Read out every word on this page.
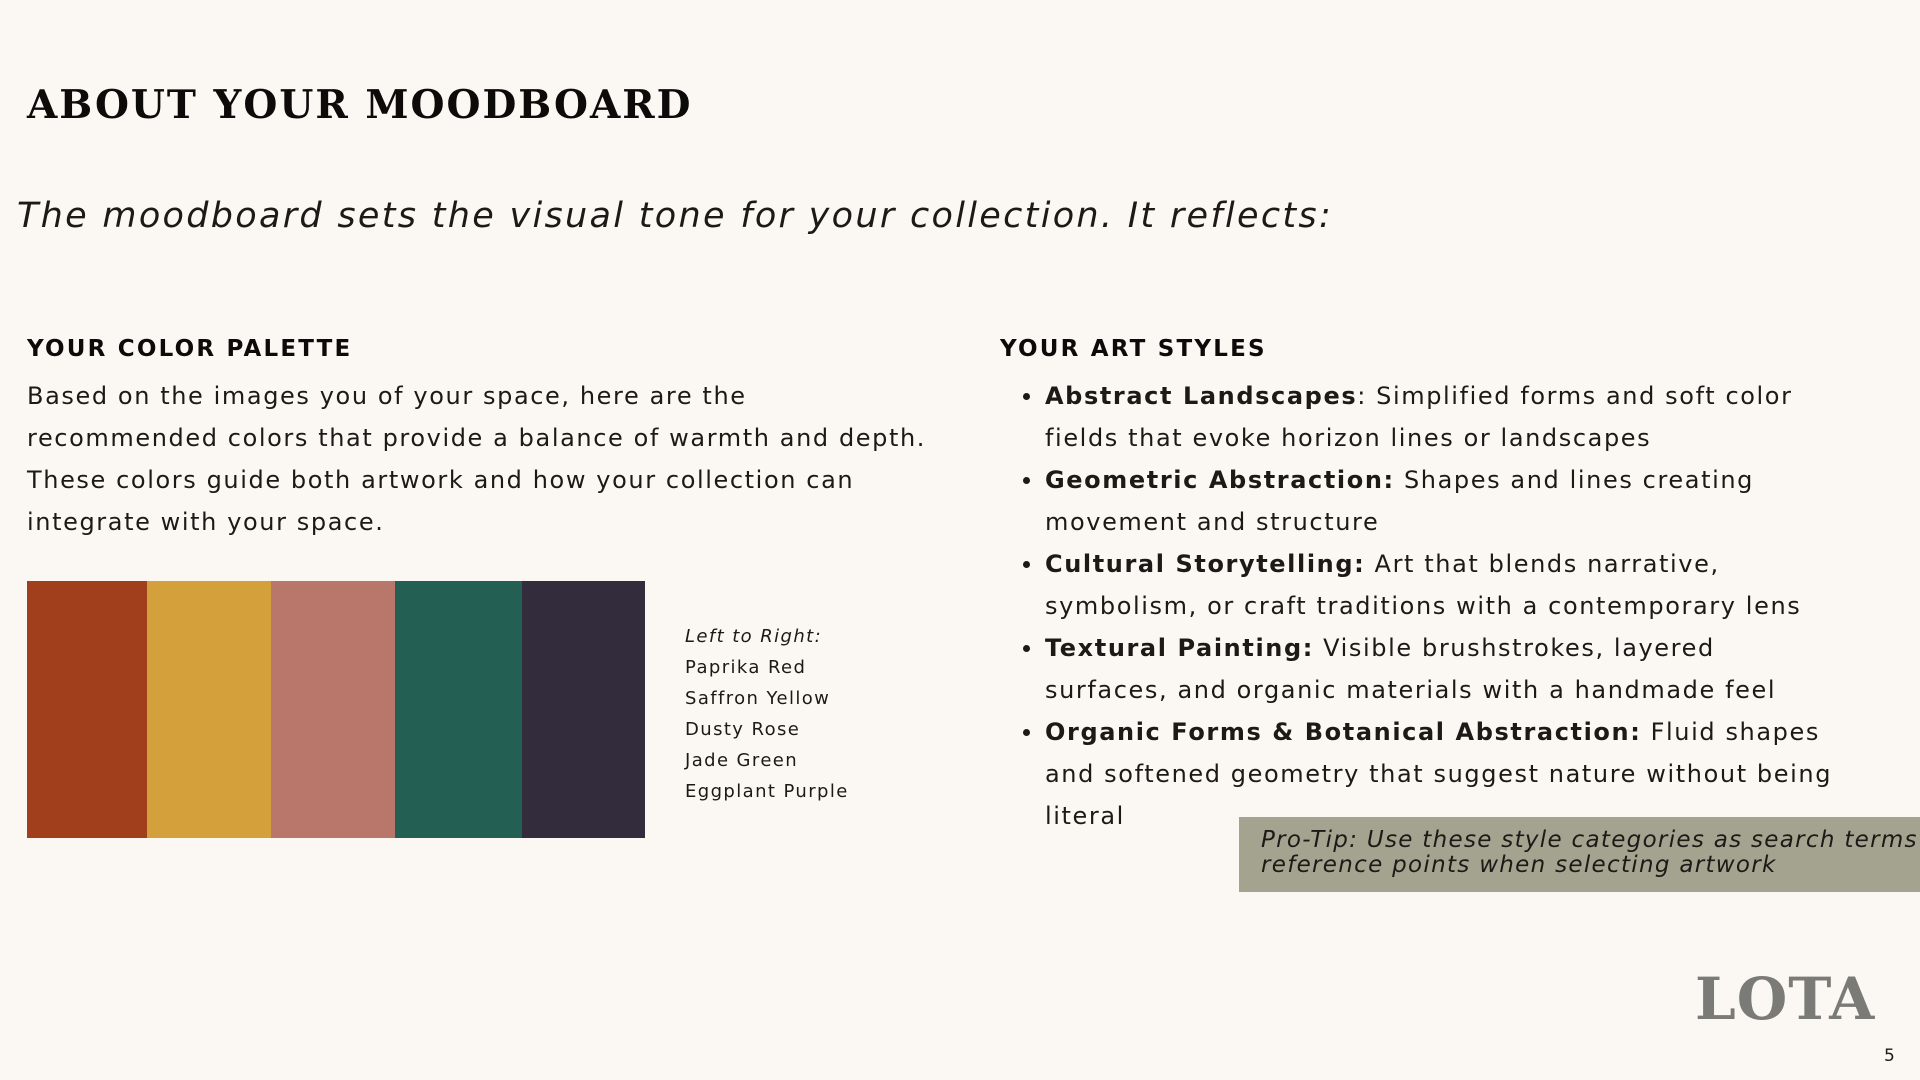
ABOUT YOUR MOODBOARD

The moodboard sets the visual tone for your collection. It reflects:

YOUR COLOR PALETTE

Based on the images you of your space, here are the recommended colors that provide a balance of warmth and depth. These colors guide both artwork and how your collection can integrate with your space.

Left to Right:
Paprika Red
Saffron Yellow
Dusty Rose
Jade Green
Eggplant Purple
YOUR ART STYLES
Abstract Landscapes: Simplified forms and soft color fields that evoke horizon lines or landscapes
Geometric Abstraction: Shapes and lines creating movement and structure
Cultural Storytelling: Art that blends narrative, symbolism, or craft traditions with a contemporary lens
Textural Painting: Visible brushstrokes, layered surfaces, and organic materials with a handmade feel
Organic Forms & Botanical Abstraction: Fluid shapes and softened geometry that suggest nature without being literal
Pro-Tip: Use these style categories as search terms
reference points when selecting artwork
LOTA
5
